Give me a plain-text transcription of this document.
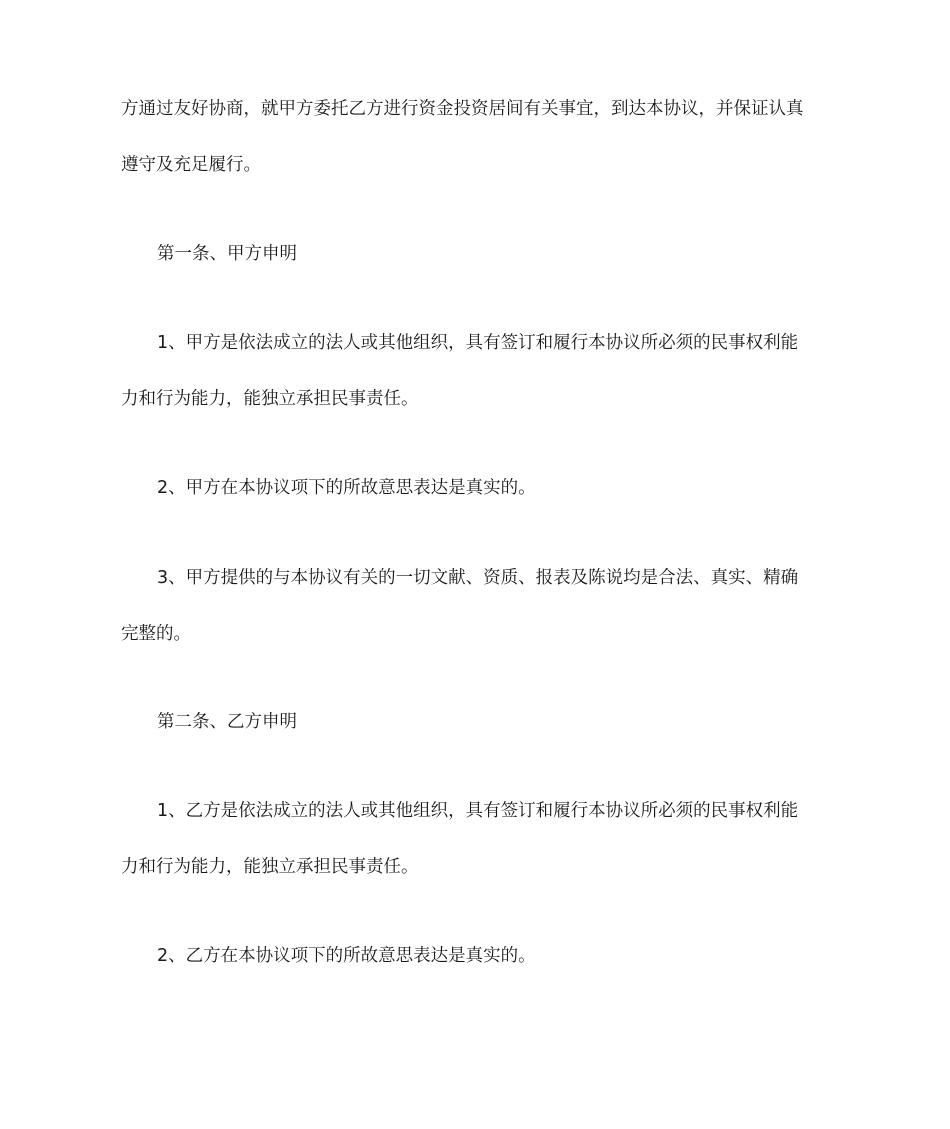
方通过友好协商，就甲方委托乙方进行资金投资居间有关事宜，到达本协议，并保证认真
遵守及充足履行。
第一条、甲方申明
1、甲方是依法成立的法人或其他组织，具有签订和履行本协议所必须的民事权利能
力和行为能力，能独立承担民事责任。
2、甲方在本协议项下的所故意思表达是真实的。
3、甲方提供的与本协议有关的一切文献、资质、报表及陈说均是合法、真实、精确
完整的。
第二条、乙方申明
1、乙方是依法成立的法人或其他组织，具有签订和履行本协议所必须的民事权利能
力和行为能力，能独立承担民事责任。
2、乙方在本协议项下的所故意思表达是真实的。
